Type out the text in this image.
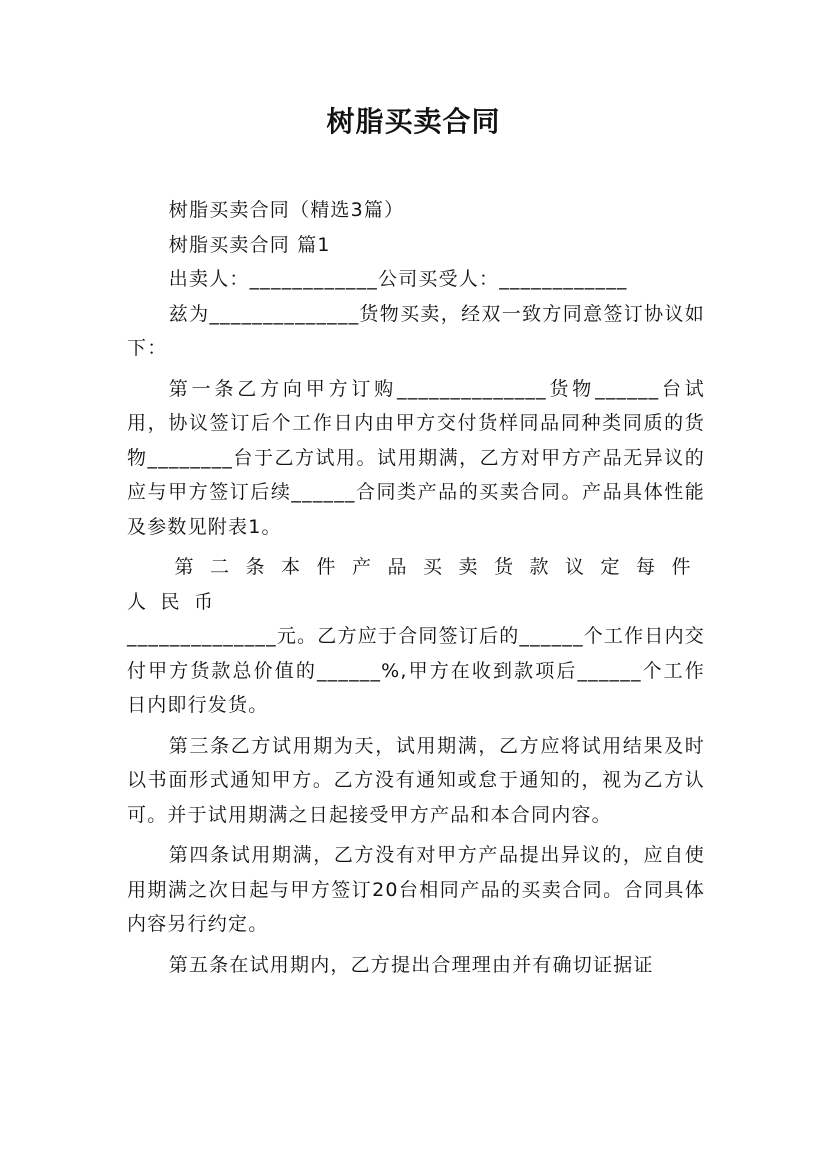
树脂买卖合同

树脂买卖合同（精选3篇）

树脂买卖合同 篇1

出卖人：____________公司买受人：____________

兹为______________货物买卖，经双一致方同意签订协议如下：

第一条乙方向甲方订购______________货物______台试用，协议签订后个工作日内由甲方交付货样同品同种类同质的货物________台于乙方试用。试用期满，乙方对甲方产品无异议的应与甲方签订后续______合同类产品的买卖合同。产品具体性能及参数见附表1。

第二条本件产品买卖货款议定每件人民币

______________元。乙方应于合同签订后的______个工作日内交付甲方货款总价值的______%,甲方在收到款项后______个工作日内即行发货。

第三条乙方试用期为天，试用期满，乙方应将试用结果及时以书面形式通知甲方。乙方没有通知或怠于通知的，视为乙方认可。并于试用期满之日起接受甲方产品和本合同内容。

第四条试用期满，乙方没有对甲方产品提出异议的，应自使用期满之次日起与甲方签订20台相同产品的买卖合同。合同具体内容另行约定。

第五条在试用期内，乙方提出合理理由并有确切证据证
